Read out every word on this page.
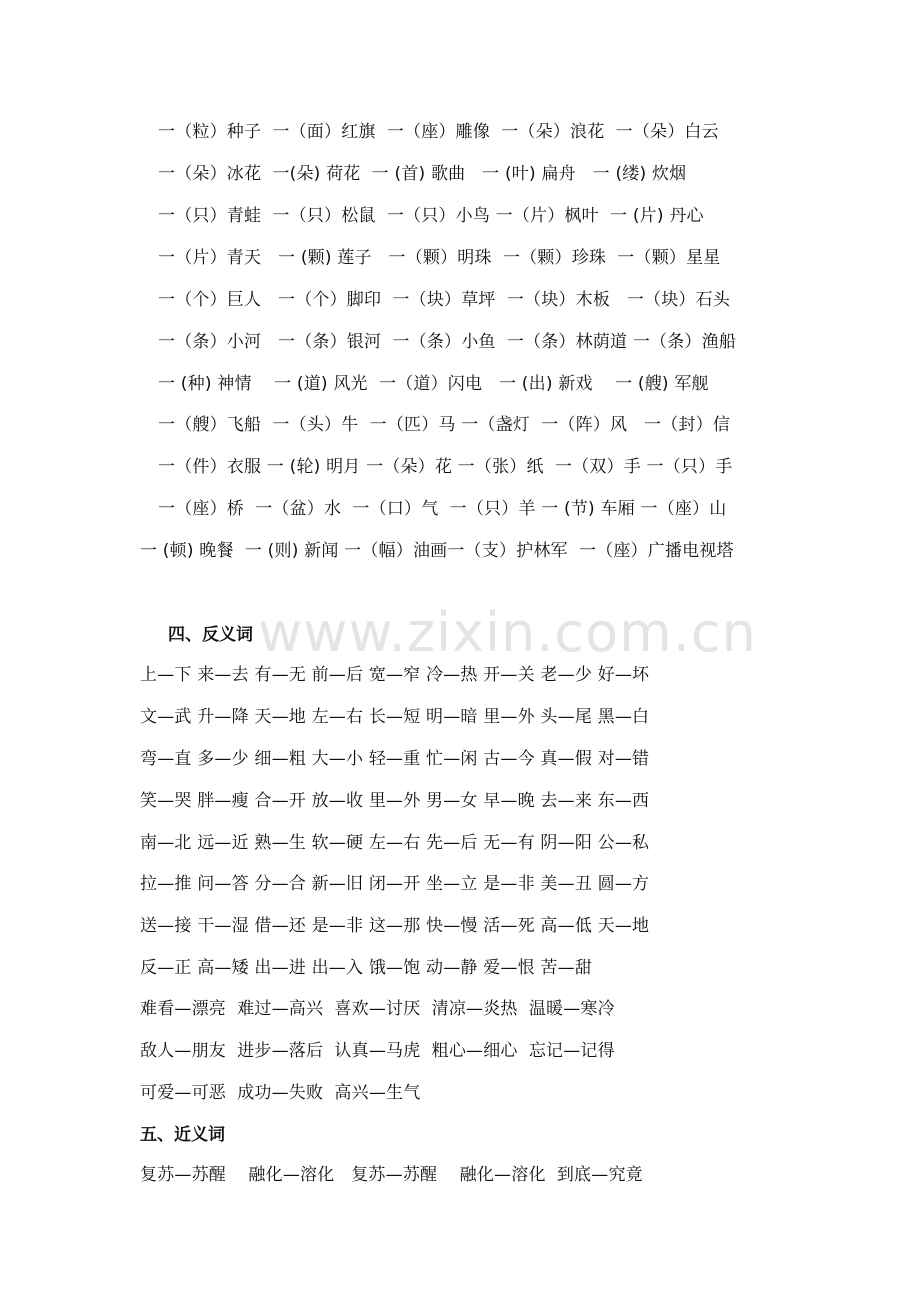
一（粒）种子  一（面）红旗  一（座）雕像  一（朵）浪花  一（朵）白云
一（朵）冰花  一(朵) 荷花  一 (首) 歌曲   一 (叶) 扁舟   一 (缕) 炊烟
一（只）青蛙  一（只）松鼠  一（只）小鸟 一（片）枫叶  一 (片) 丹心
一（片）青天   一 (颗) 莲子   一（颗）明珠  一（颗）珍珠  一（颗）星星
一（个）巨人   一（个）脚印  一（块）草坪  一（块）木板   一（块）石头
一（条）小河   一（条）银河  一（条）小鱼  一（条）林荫道 一（条）渔船
一 (种) 神情    一 (道) 风光  一（道）闪电   一 (出) 新戏    一 (艘) 军舰
一（艘）飞船  一（头）牛  一（匹）马 一（盏灯  一（阵）风   一（封）信
一（件）衣服 一 (轮) 明月 一（朵）花 一（张）纸  一（双）手 一（只）手
一（座）桥  一（盆）水  一（口）气  一（只）羊 一 (节) 车厢 一（座）山
一 (顿) 晚餐  一 (则) 新闻 一（幅）油画一（支）护林军  一（座）广播电视塔
www.zixin.com.cn
四、反义词
上—下 来—去 有—无 前—后 宽—窄 冷—热 开—关 老—少 好—坏
文—武 升—降 天—地 左—右 长—短 明—暗 里—外 头—尾 黑—白
弯—直 多—少 细—粗 大—小 轻—重 忙—闲 古—今 真—假 对—错
笑—哭 胖—瘦 合—开 放—收 里—外 男—女 早—晚 去—来 东—西
南—北 远—近 熟—生 软—硬 左—右 先—后 无—有 阴—阳 公—私
拉—推 问—答 分—合 新—旧 闭—开 坐—立 是—非 美—丑 圆—方
送—接 干—湿 借—还 是—非 这—那 快—慢 活—死 高—低 天—地
反—正 高—矮 出—进 出—入 饿—饱 动—静 爱—恨 苦—甜
难看—漂亮  难过—高兴  喜欢—讨厌  清凉—炎热  温暖—寒冷
敌人—朋友  进步—落后  认真—马虎  粗心—细心  忘记—记得
可爱—可恶  成功—失败  高兴—生气
五、近义词
复苏—苏醒    融化—溶化   复苏—苏醒    融化—溶化  到底—究竟
